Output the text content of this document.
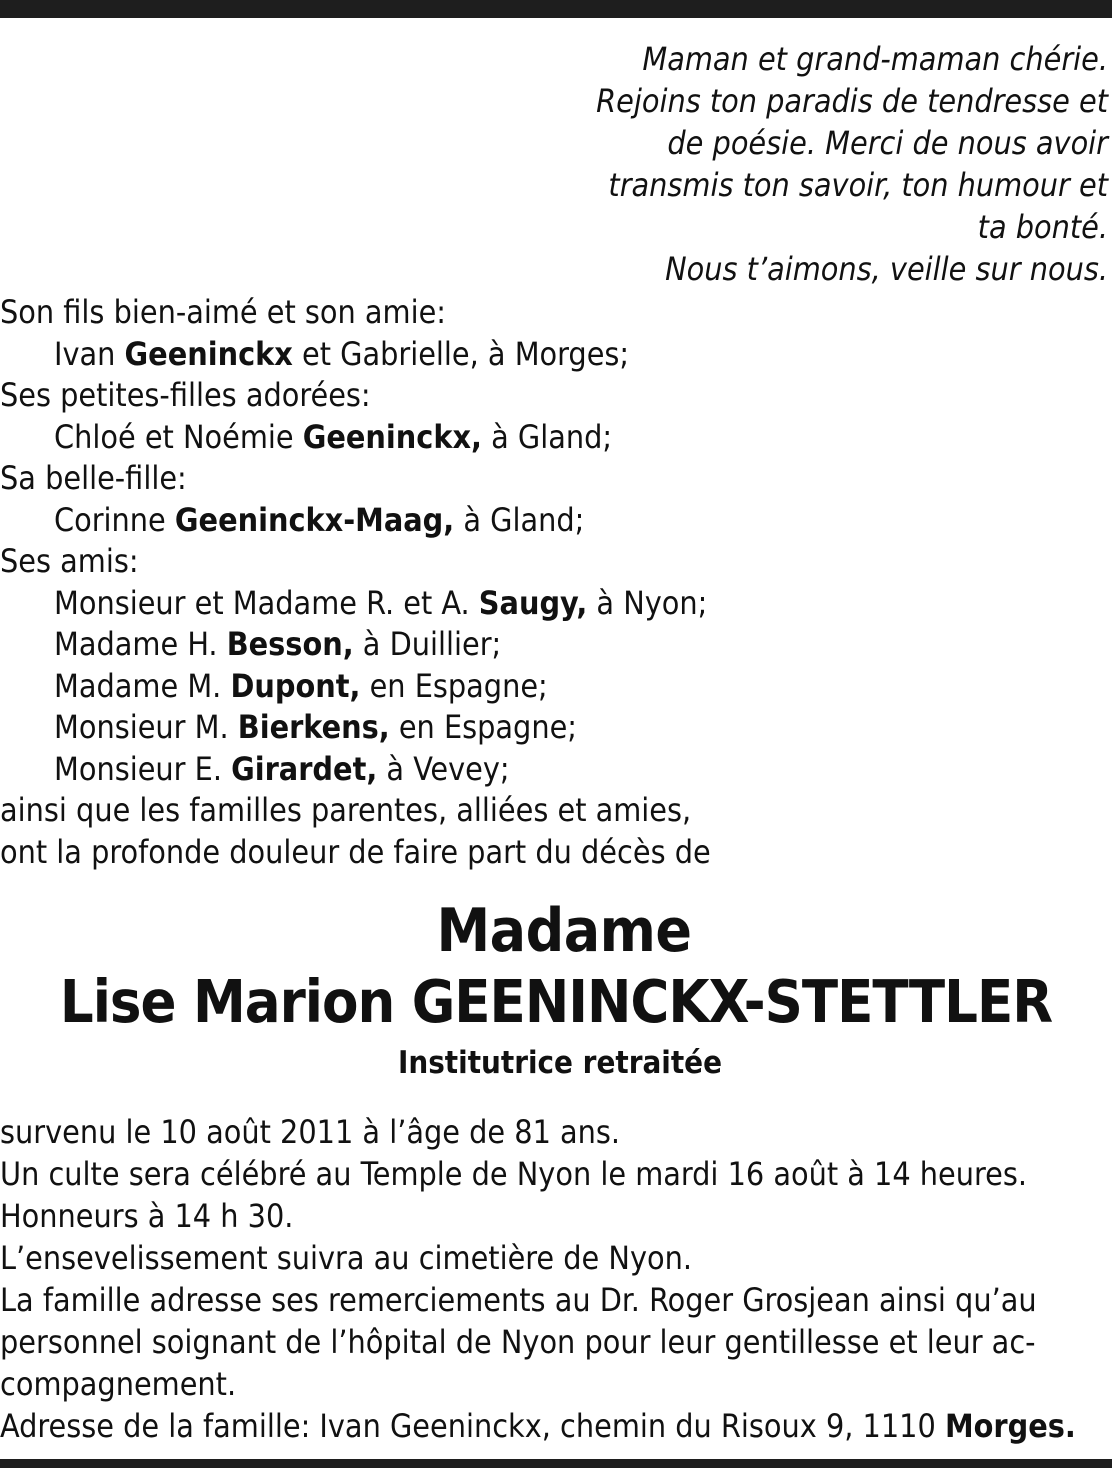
Maman et grand-maman chérie.
Rejoins ton paradis de tendresse et
de poésie. Merci de nous avoir
transmis ton savoir, ton humour et
ta bonté.
Nous t’aimons, veille sur nous.
Son fils bien-aimé et son amie:
Ivan Geeninckx et Gabrielle, à Morges;
Ses petites-filles adorées:
Chloé et Noémie Geeninckx, à Gland;
Sa belle-fille:
Corinne Geeninckx-Maag, à Gland;
Ses amis:
Monsieur et Madame R. et A. Saugy, à Nyon;
Madame H. Besson, à Duillier;
Madame M. Dupont, en Espagne;
Monsieur M. Bierkens, en Espagne;
Monsieur E. Girardet, à Vevey;
ainsi que les familles parentes, alliées et amies,
ont la profonde douleur de faire part du décès de
Madame
Lise Marion GEENINCKX-STETTLER
Institutrice retraitée
survenu le 10 août 2011 à l’âge de 81 ans.
Un culte sera célébré au Temple de Nyon le mardi 16 août à 14 heures.
Honneurs à 14 h 30.
L’ensevelissement suivra au cimetière de Nyon.
La famille adresse ses remerciements au Dr. Roger Grosjean ainsi qu’au
personnel soignant de l’hôpital de Nyon pour leur gentillesse et leur ac-
compagnement.
Adresse de la famille: Ivan Geeninckx, chemin du Risoux 9, 1110 Morges.
